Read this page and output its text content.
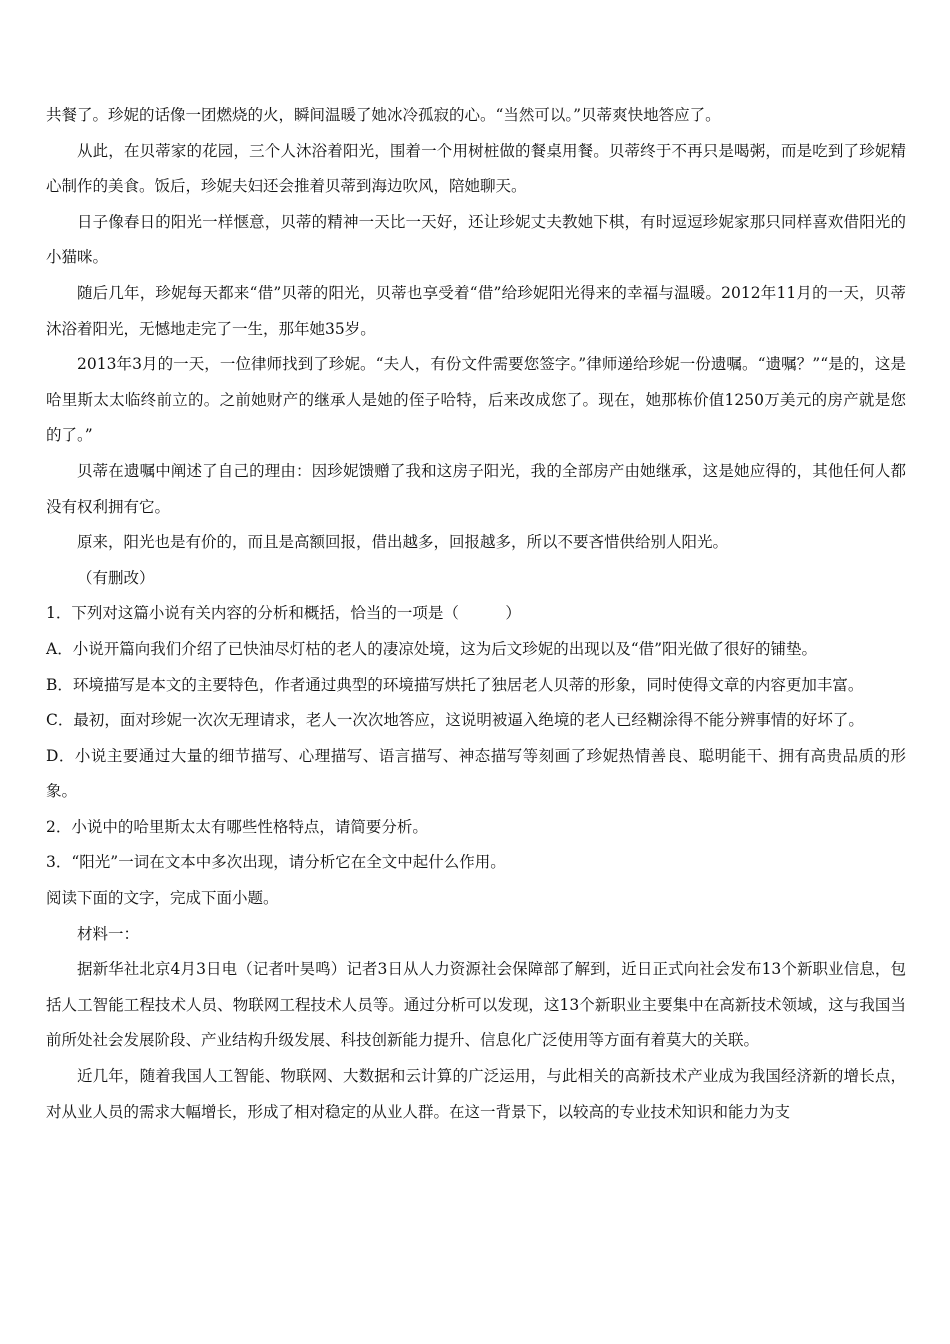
共餐了。珍妮的话像一团燃烧的火，瞬间温暖了她冰冷孤寂的心。“当然可以。”贝蒂爽快地答应了。

从此，在贝蒂家的花园，三个人沐浴着阳光，围着一个用树桩做的餐桌用餐。贝蒂终于不再只是喝粥，而是吃到了珍妮精心制作的美食。饭后，珍妮夫妇还会推着贝蒂到海边吹风，陪她聊天。

日子像春日的阳光一样惬意，贝蒂的精神一天比一天好，还让珍妮丈夫教她下棋，有时逗逗珍妮家那只同样喜欢借阳光的小猫咪。

随后几年，珍妮每天都来“借”贝蒂的阳光，贝蒂也享受着“借”给珍妮阳光得来的幸福与温暖。2012年11月的一天，贝蒂沐浴着阳光，无憾地走完了一生，那年她35岁。

2013年3月的一天，一位律师找到了珍妮。“夫人，有份文件需要您签字。”律师递给珍妮一份遗嘱。“遗嘱？”“是的，这是哈里斯太太临终前立的。之前她财产的继承人是她的侄子哈特，后来改成您了。现在，她那栋价值1250万美元的房产就是您的了。”

贝蒂在遗嘱中阐述了自己的理由：因珍妮馈赠了我和这房子阳光，我的全部房产由她继承，这是她应得的，其他任何人都没有权利拥有它。

原来，阳光也是有价的，而且是高额回报，借出越多，回报越多，所以不要吝惜供给别人阳光。

（有删改）

1．下列对这篇小说有关内容的分析和概括，恰当的一项是（　　　）

A．小说开篇向我们介绍了已快油尽灯枯的老人的凄凉处境，这为后文珍妮的出现以及“借”阳光做了很好的铺垫。

B．环境描写是本文的主要特色，作者通过典型的环境描写烘托了独居老人贝蒂的形象，同时使得文章的内容更加丰富。

C．最初，面对珍妮一次次无理请求，老人一次次地答应，这说明被逼入绝境的老人已经糊涂得不能分辨事情的好坏了。

D．小说主要通过大量的细节描写、心理描写、语言描写、神态描写等刻画了珍妮热情善良、聪明能干、拥有高贵品质的形象。

2．小说中的哈里斯太太有哪些性格特点，请简要分析。

3．“阳光”一词在文本中多次出现，请分析它在全文中起什么作用。

阅读下面的文字，完成下面小题。

材料一：

据新华社北京4月3日电（记者叶昊鸣）记者3日从人力资源社会保障部了解到，近日正式向社会发布13个新职业信息，包括人工智能工程技术人员、物联网工程技术人员等。通过分析可以发现，这13个新职业主要集中在高新技术领域，这与我国当前所处社会发展阶段、产业结构升级发展、科技创新能力提升、信息化广泛使用等方面有着莫大的关联。

近几年，随着我国人工智能、物联网、大数据和云计算的广泛运用，与此相关的高新技术产业成为我国经济新的增长点，对从业人员的需求大幅增长，形成了相对稳定的从业人群。在这一背景下，以较高的专业技术知识和能力为支
